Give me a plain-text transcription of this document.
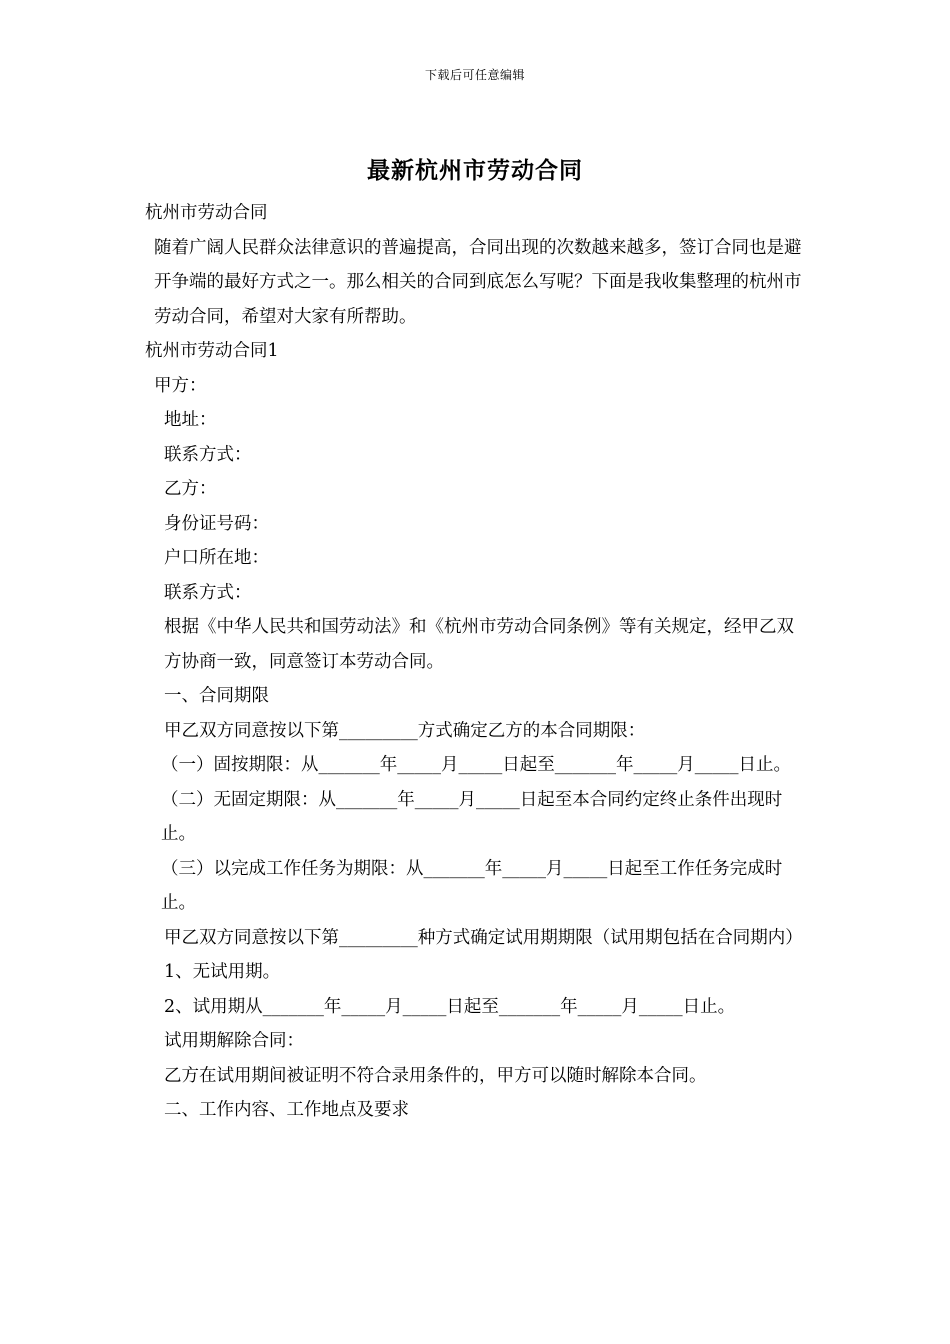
下载后可任意编辑
最新杭州市劳动合同

杭州市劳动合同

随着广阔人民群众法律意识的普遍提高，合同出现的次数越来越多，签订合同也是避开争端的最好方式之一。那么相关的合同到底怎么写呢？下面是我收集整理的杭州市劳动合同，希望对大家有所帮助。

杭州市劳动合同1

甲方：

地址：

联系方式：

乙方：

身份证号码：

户口所在地：

联系方式：

根据《中华人民共和国劳动法》和《杭州市劳动合同条例》等有关规定，经甲乙双方协商一致，同意签订本劳动合同。

一、合同期限

甲乙双方同意按以下第_________方式确定乙方的本合同期限：

（一）固按期限：从_______年_____月_____日起至_______年_____月_____日止。

（二）无固定期限：从_______年_____月_____日起至本合同约定终止条件出现时止。

（三）以完成工作任务为期限：从_______年_____月_____日起至工作任务完成时止。

甲乙双方同意按以下第_________种方式确定试用期期限（试用期包括在合同期内）

1、无试用期。

2、试用期从_______年_____月_____日起至_______年_____月_____日止。

试用期解除合同：

乙方在试用期间被证明不符合录用条件的，甲方可以随时解除本合同。

二、工作内容、工作地点及要求
